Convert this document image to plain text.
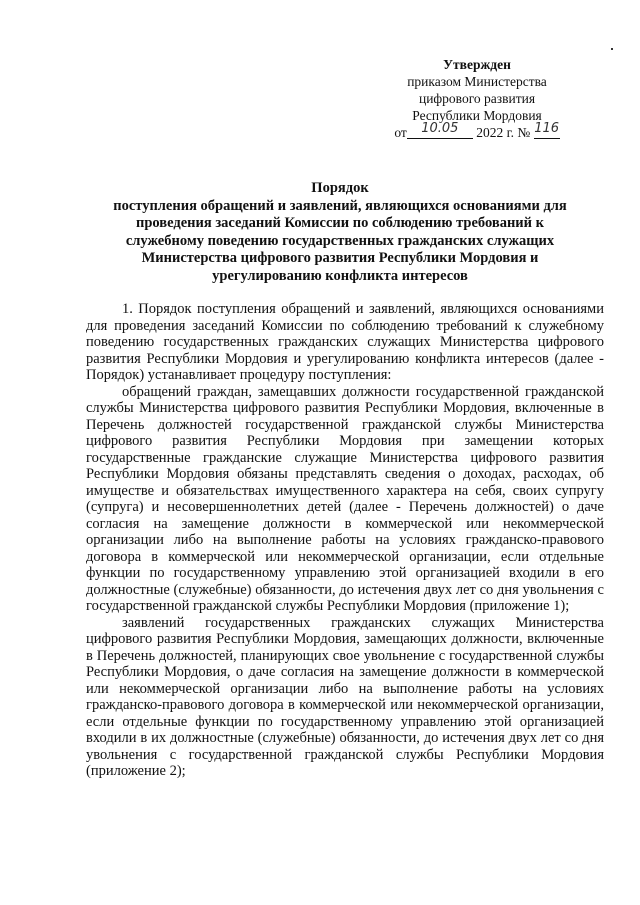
Утвержден
приказом Министерства
цифрового развития
Республики Мордовия
от	10.05	2022 г. № 116
Порядок
поступления обращений и заявлений, являющихся основаниями для
проведения заседаний Комиссии по соблюдению требований к
служебному поведению государственных гражданских служащих
Министерства цифрового развития Республики Мордовия и
урегулированию конфликта интересов

1. Порядок поступления обращений и заявлений, являющихся основаниями для проведения заседаний Комиссии по соблюдению требований к служебному поведению государственных гражданских служащих Министерства цифрового развития Республики Мордовия и урегулированию конфликта интересов (далее - Порядок) устанавливает процедуру поступления:

обращений граждан, замещавших должности государственной гражданской службы Министерства цифрового развития Республики Мордовия, включенные в Перечень должностей государственной гражданской службы Министерства цифрового развития Республики Мордовия при замещении которых государственные гражданские служащие Министерства цифрового развития Республики Мордовия обязаны представлять сведения о доходах, расходах, об имуществе и обязательствах имущественного характера на себя, своих супругу (супруга) и несовершеннолетних детей (далее - Перечень должностей) о даче согласия на замещение должности в коммерческой или некоммерческой организации либо на выполнение работы на условиях гражданско-правового договора в коммерческой или некоммерческой организации, если отдельные функции по государственному управлению этой организацией входили в его должностные (служебные) обязанности, до истечения двух лет со дня увольнения с государственной гражданской службы Республики Мордовия (приложение 1);

заявлений государственных гражданских служащих Министерства цифрового развития Республики Мордовия, замещающих должности, включенные в Перечень должностей, планирующих свое увольнение с государственной службы Республики Мордовия, о даче согласия на замещение должности в коммерческой или некоммерческой организации либо на выполнение работы на условиях гражданско-правового договора в коммерческой или некоммерческой организации, если отдельные функции по государственному управлению этой организацией входили в их должностные (служебные) обязанности, до истечения двух лет со дня увольнения с государственной гражданской службы Республики Мордовия (приложение 2);
